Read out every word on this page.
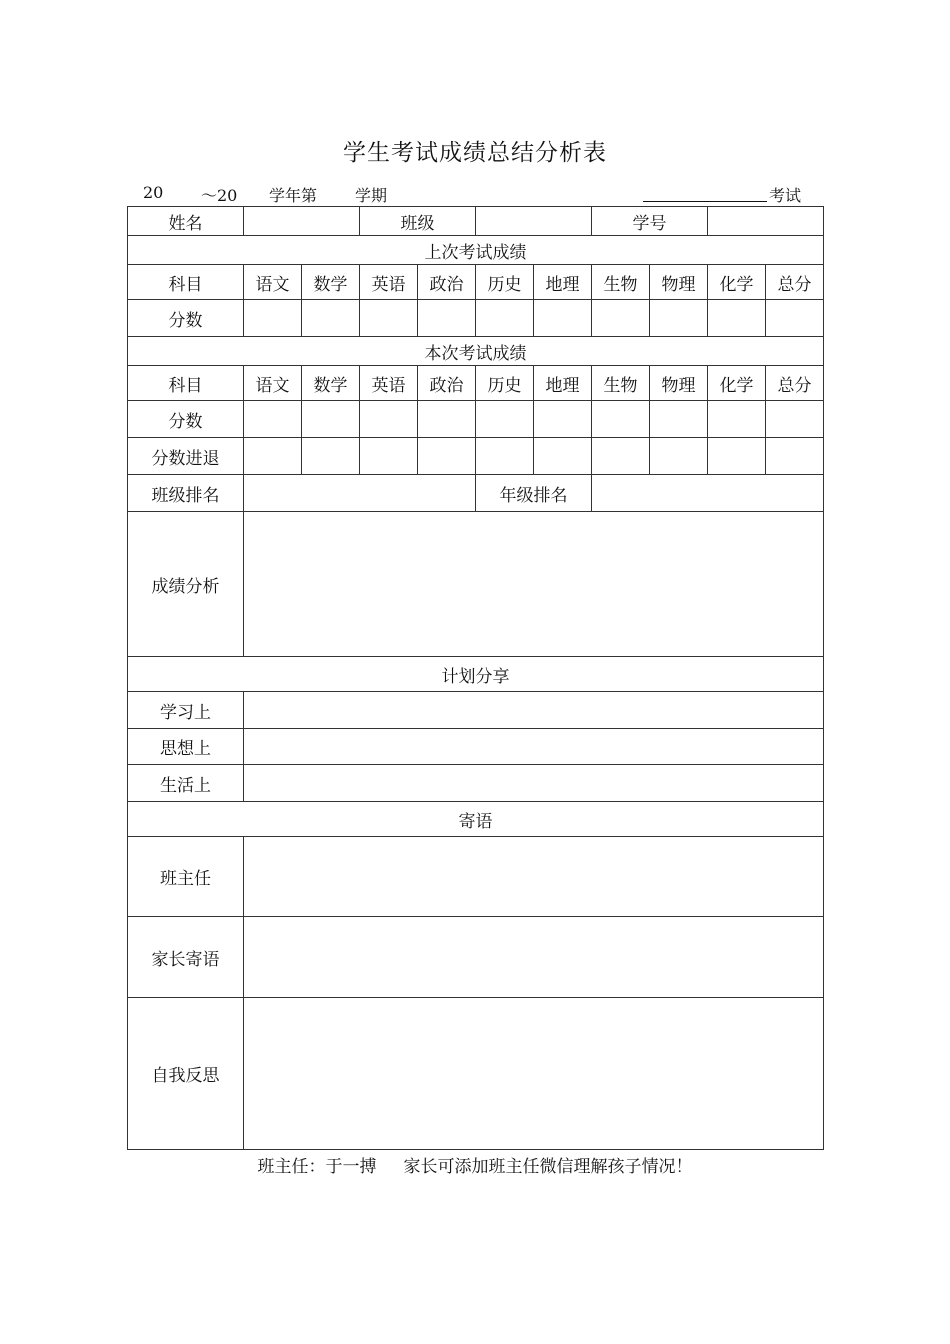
学生考试成绩总结分析表
20 ～20 学年第 学期	考试
姓名			班级				学号			
上次考试成绩										
科目	语文	数学	英语	政治	历史	地理	生物	物理	化学	总分
分数										
本次考试成绩										
科目	语文	数学	英语	政治	历史	地理	生物	物理	化学	总分
分数										
分数进退										
班级排名					年级排名					
成绩分析										
计划分享										
学习上										
思想上										
生活上										
寄语										
班主任										
家长寄语										
自我反思										
班主任：于一搏     家长可添加班主任微信理解孩子情况！
